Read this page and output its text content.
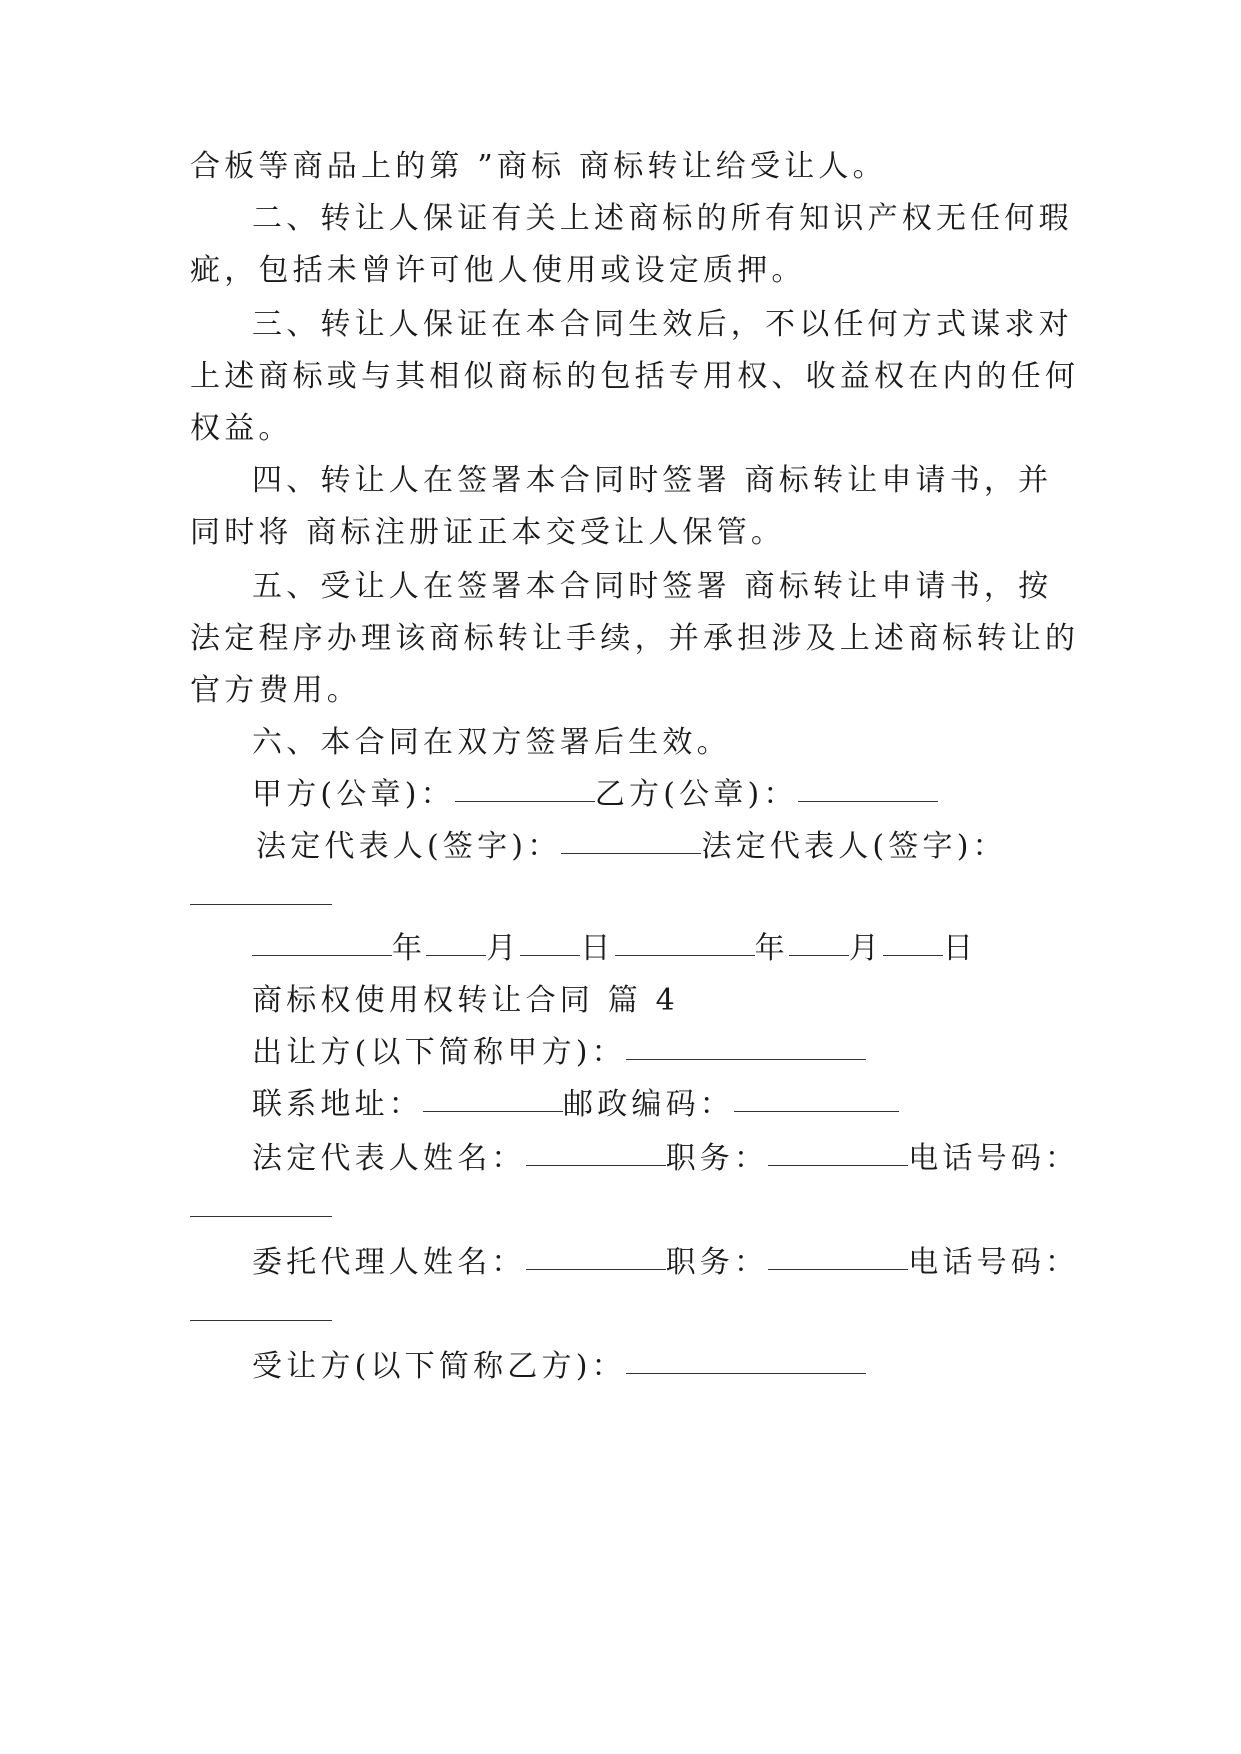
合板等商品上的第 ”商标 商标转让给受让人。
二、转让人保证有关上述商标的所有知识产权无任何瑕
疵，包括未曾许可他人使用或设定质押。
三、转让人保证在本合同生效后，不以任何方式谋求对
上述商标或与其相似商标的包括专用权、收益权在内的任何
权益。
四、转让人在签署本合同时签署 商标转让申请书，并
同时将 商标注册证正本交受让人保管。
五、受让人在签署本合同时签署 商标转让申请书，按
法定程序办理该商标转让手续，并承担涉及上述商标转让的
官方费用。
六、本合同在双方签署后生效。
甲方(公章)：	乙方(公章)：
法定代表人(签字)：	法定代表人(签字)：
年 月 日	年 月 日
商标权使用权转让合同 篇 4
出让方(以下简称甲方)：
联系地址：	邮政编码：
法定代表人姓名：	职务：	电话号码：
委托代理人姓名：	职务：	电话号码：
受让方(以下简称乙方)：
